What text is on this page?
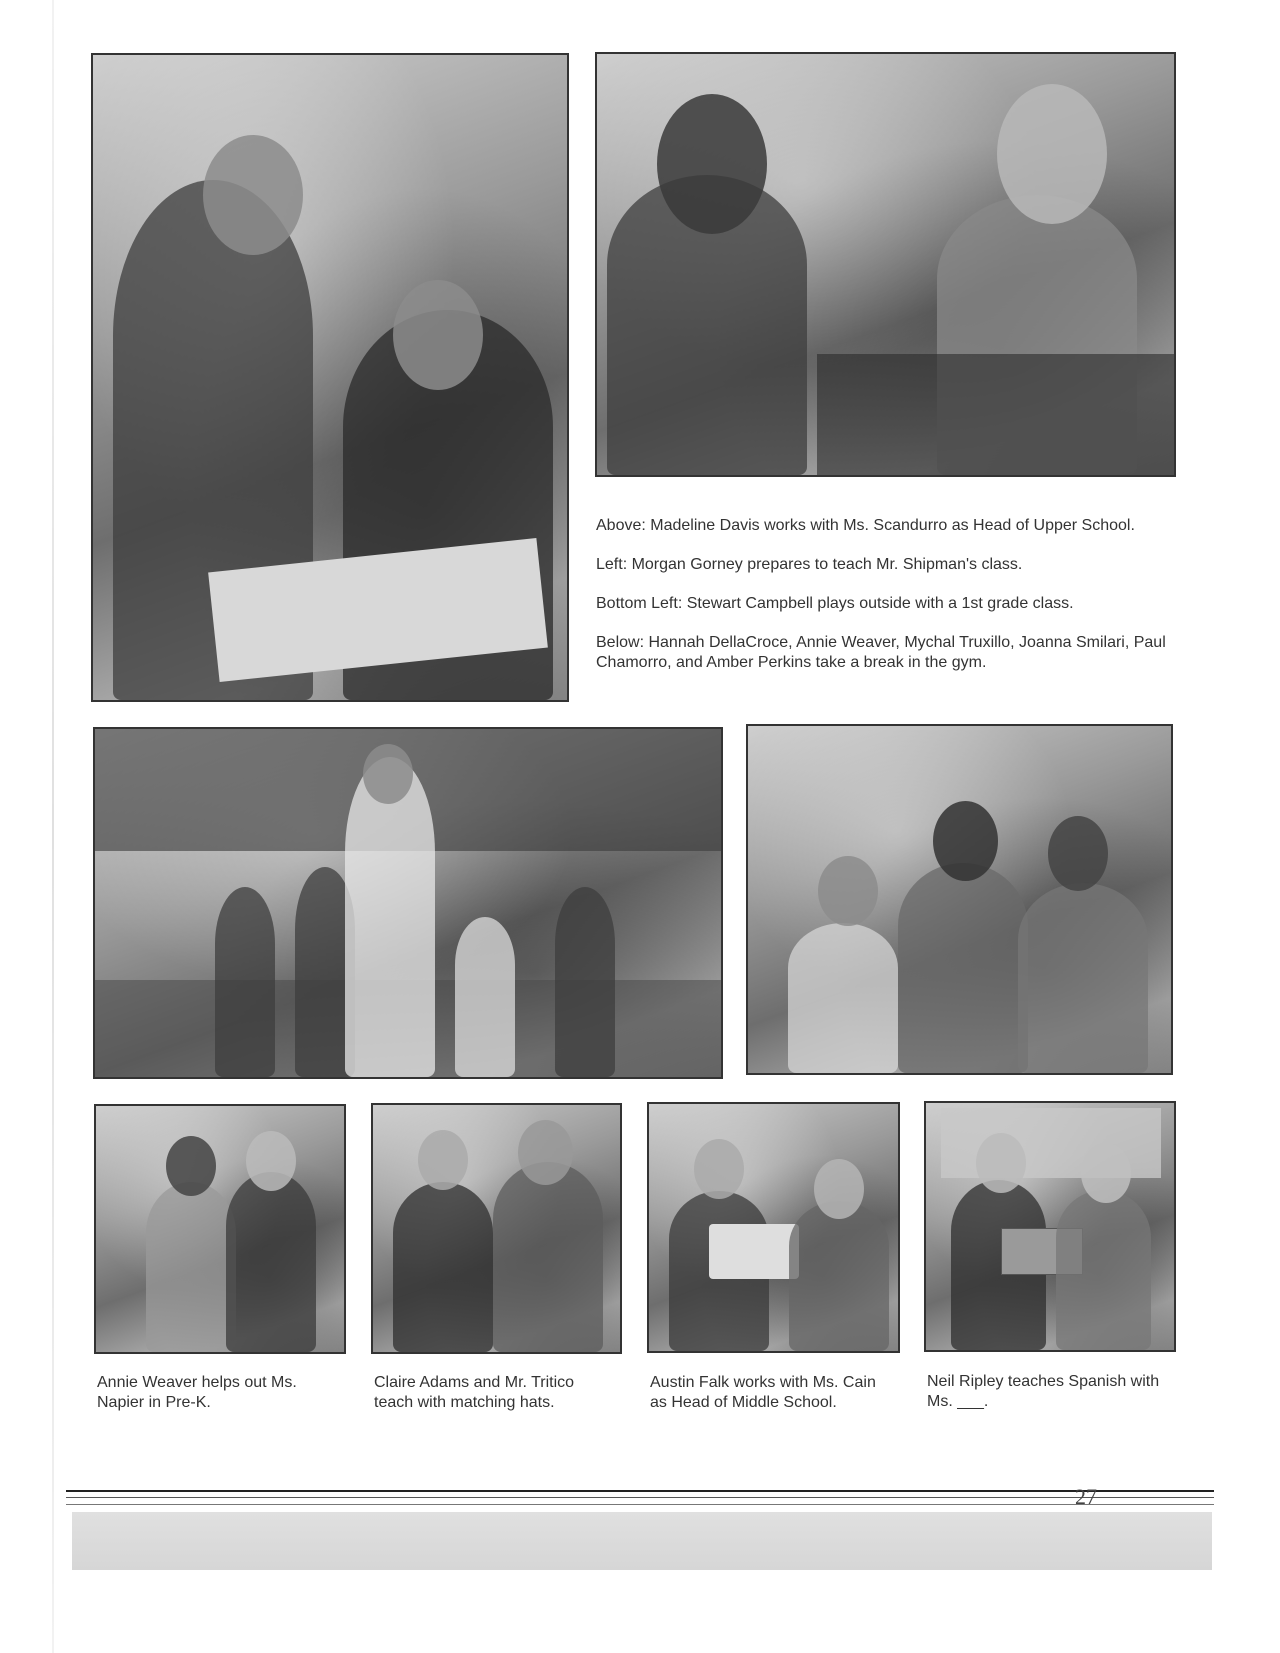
Above: Madeline Davis works with Ms. Scandurro as Head of Upper School.

Left: Morgan Gorney prepares to teach Mr. Shipman's class.

Bottom Left: Stewart Campbell plays outside with a 1st grade class.

Below: Hannah DellaCroce, Annie Weaver, Mychal Truxillo, Joanna Smilari, Paul Chamorro, and Amber Perkins take a break in the gym.

Annie Weaver helps out Ms. Napier in Pre-K.

Claire Adams and Mr. Tritico teach with matching hats.

Austin Falk works with Ms. Cain as Head of Middle School.

Neil Ripley teaches Spanish with Ms. ___.

27
